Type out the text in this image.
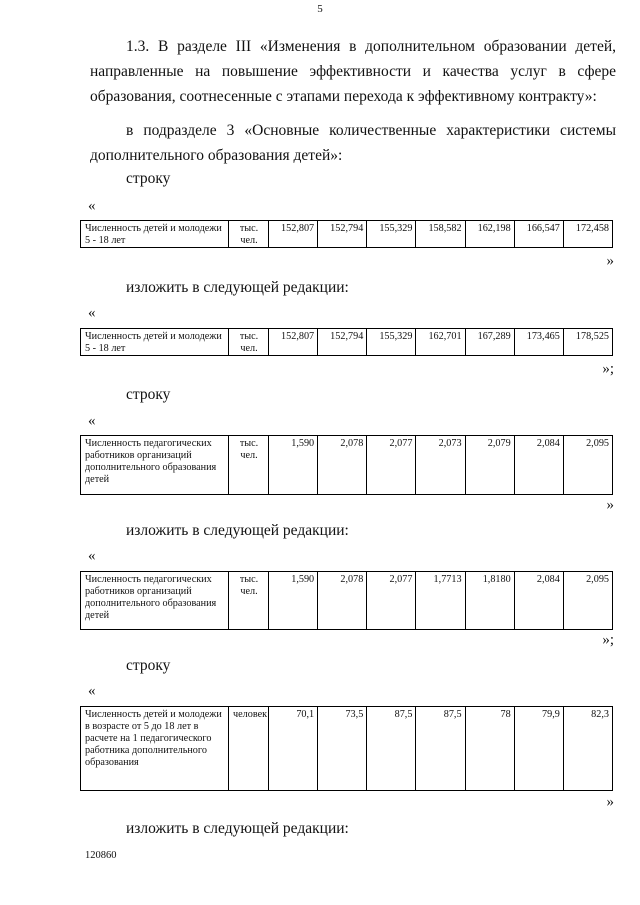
5

1.3. В разделе III «Изменения в дополнительном образовании детей, направленные на повышение эффективности и качества услуг в сфере образования, соотнесенные с этапами перехода к эффективному контракту»:

в подразделе 3 «Основные количественные характеристики системы дополнительного образования детей»:

строку
«
Численность детей и молодежи 5 - 18 лет	тыс. чел.	152,807	152,794	155,329	158,582	162,198	166,547	172,458
»
изложить в следующей редакции:
«
Численность детей и молодежи 5 - 18 лет	тыс. чел.	152,807	152,794	155,329	162,701	167,289	173,465	178,525
»;
строку
«
Численность педагогических работников организаций дополнительного образования детей	тыс. чел.	1,590	2,078	2,077	2,073	2,079	2,084	2,095
»
изложить в следующей редакции:
«
Численность педагогических работников организаций дополнительного образования детей	тыс. чел.	1,590	2,078	2,077	1,7713	1,8180	2,084	2,095
»;
строку
«
Численность детей и молодежи в возрасте от 5 до 18 лет в расчете на 1 педагогического работника дополнительного образования	человек	70,1	73,5	87,5	87,5	78	79,9	82,3
»
изложить в следующей редакции:
120860
